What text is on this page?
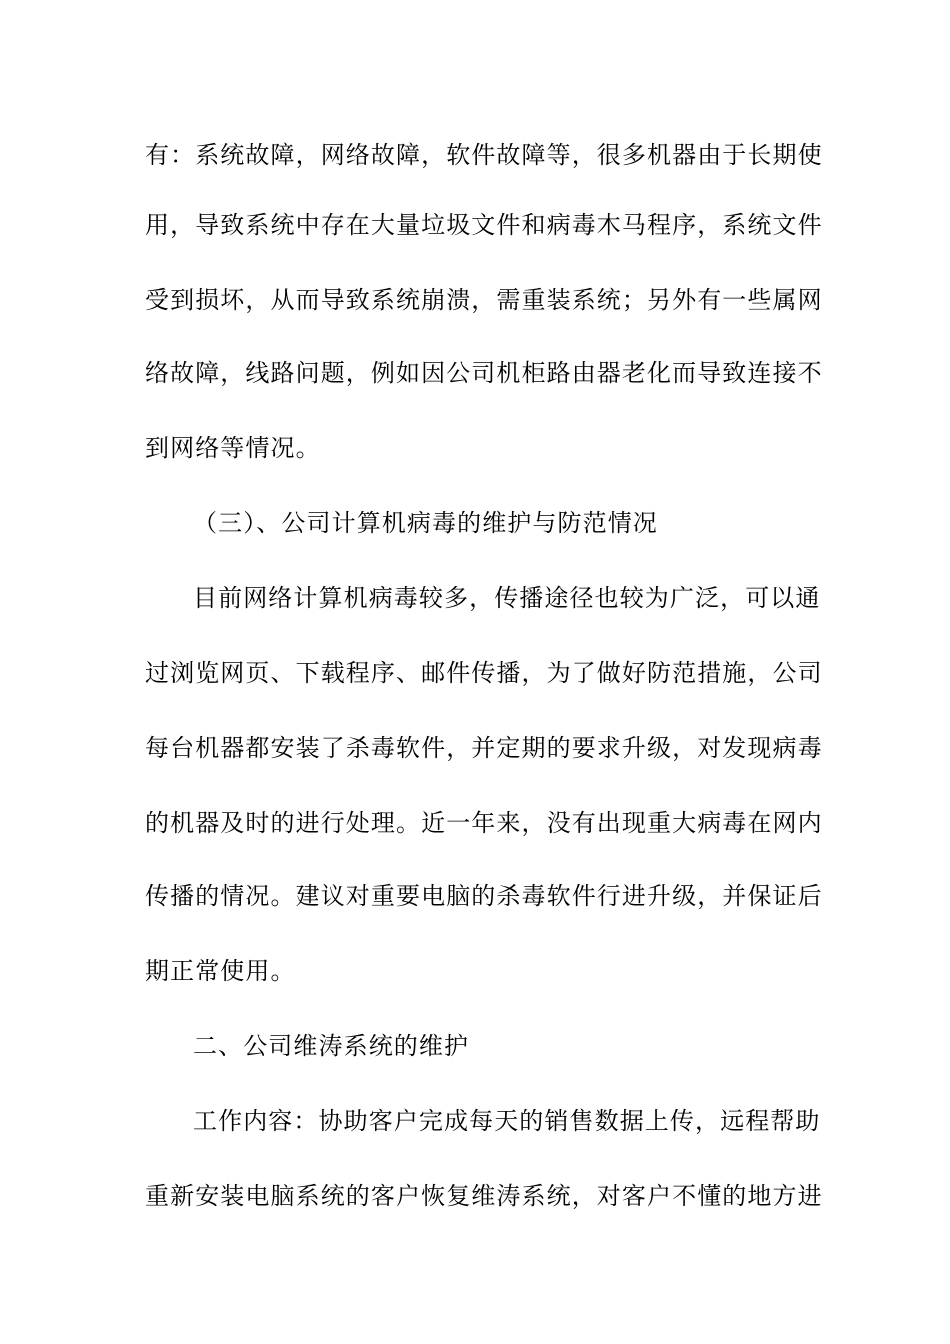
有：系统故障，网络故障，软件故障等，很多机器由于长期使
用，导致系统中存在大量垃圾文件和病毒木马程序，系统文件
受到损坏，从而导致系统崩溃，需重装系统；另外有一些属网
络故障，线路问题，例如因公司机柜路由器老化而导致连接不
到网络等情况。
（三）、公司计算机病毒的维护与防范情况
目前网络计算机病毒较多，传播途径也较为广泛，可以通
过浏览网页、下载程序、邮件传播，为了做好防范措施，公司
每台机器都安装了杀毒软件，并定期的要求升级，对发现病毒
的机器及时的进行处理。近一年来，没有出现重大病毒在网内
传播的情况。建议对重要电脑的杀毒软件行进升级，并保证后
期正常使用。
二、公司维涛系统的维护
工作内容：协助客户完成每天的销售数据上传，远程帮助
重新安装电脑系统的客户恢复维涛系统，对客户不懂的地方进
